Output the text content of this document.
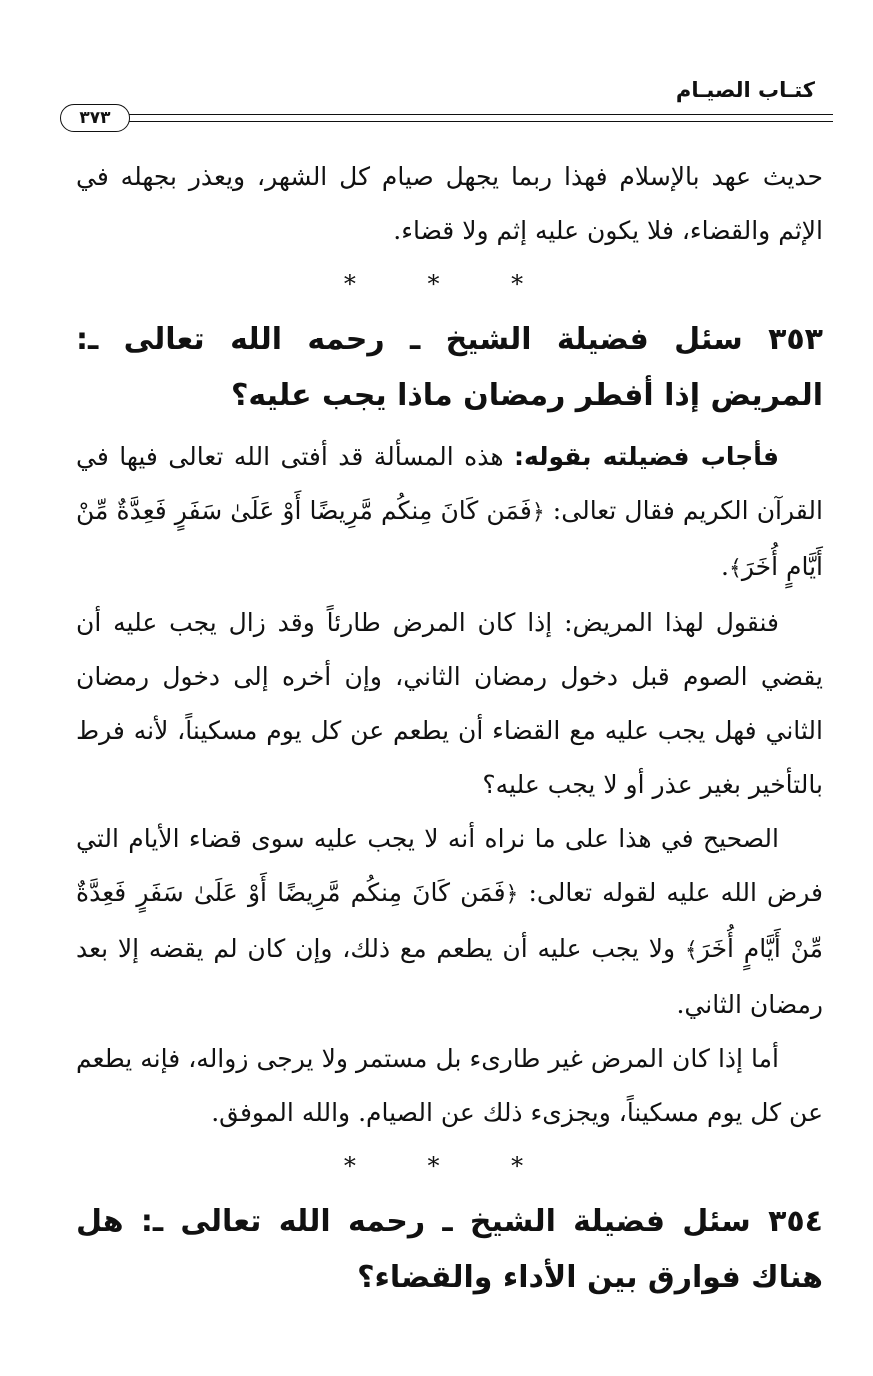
كتـاب الصيـام
٣٧٣

حديث عهد بالإسلام فهذا ربما يجهل صيام كل الشهر، ويعذر بجهله في الإثم والقضاء، فلا يكون عليه إثم ولا قضاء.

* * *

٣٥٣ سئل فضيلة الشيخ ـ رحمه الله تعالى ـ: المريض إذا أفطر رمضان ماذا يجب عليه؟

فأجاب فضيلته بقوله: هذه المسألة قد أفتى الله تعالى فيها في القرآن الكريم فقال تعالى: ﴿فَمَن كَانَ مِنكُم مَّرِيضًا أَوْ عَلَىٰ سَفَرٍ فَعِدَّةٌ مِّنْ أَيَّامٍ أُخَرَ﴾.

فنقول لهذا المريض: إذا كان المرض طارئاً وقد زال يجب عليه أن يقضي الصوم قبل دخول رمضان الثاني، وإن أخره إلى دخول رمضان الثاني فهل يجب عليه مع القضاء أن يطعم عن كل يوم مسكيناً، لأنه فرط بالتأخير بغير عذر أو لا يجب عليه؟

الصحيح في هذا على ما نراه أنه لا يجب عليه سوى قضاء الأيام التي فرض الله عليه لقوله تعالى: ﴿فَمَن كَانَ مِنكُم مَّرِيضًا أَوْ عَلَىٰ سَفَرٍ فَعِدَّةٌ مِّنْ أَيَّامٍ أُخَرَ﴾ ولا يجب عليه أن يطعم مع ذلك، وإن كان لم يقضه إلا بعد رمضان الثاني.

أما إذا كان المرض غير طارىء بل مستمر ولا يرجى زواله، فإنه يطعم عن كل يوم مسكيناً، ويجزىء ذلك عن الصيام. والله الموفق.

* * *

٣٥٤ سئل فضيلة الشيخ ـ رحمه الله تعالى ـ: هل هناك فوارق بين الأداء والقضاء؟
